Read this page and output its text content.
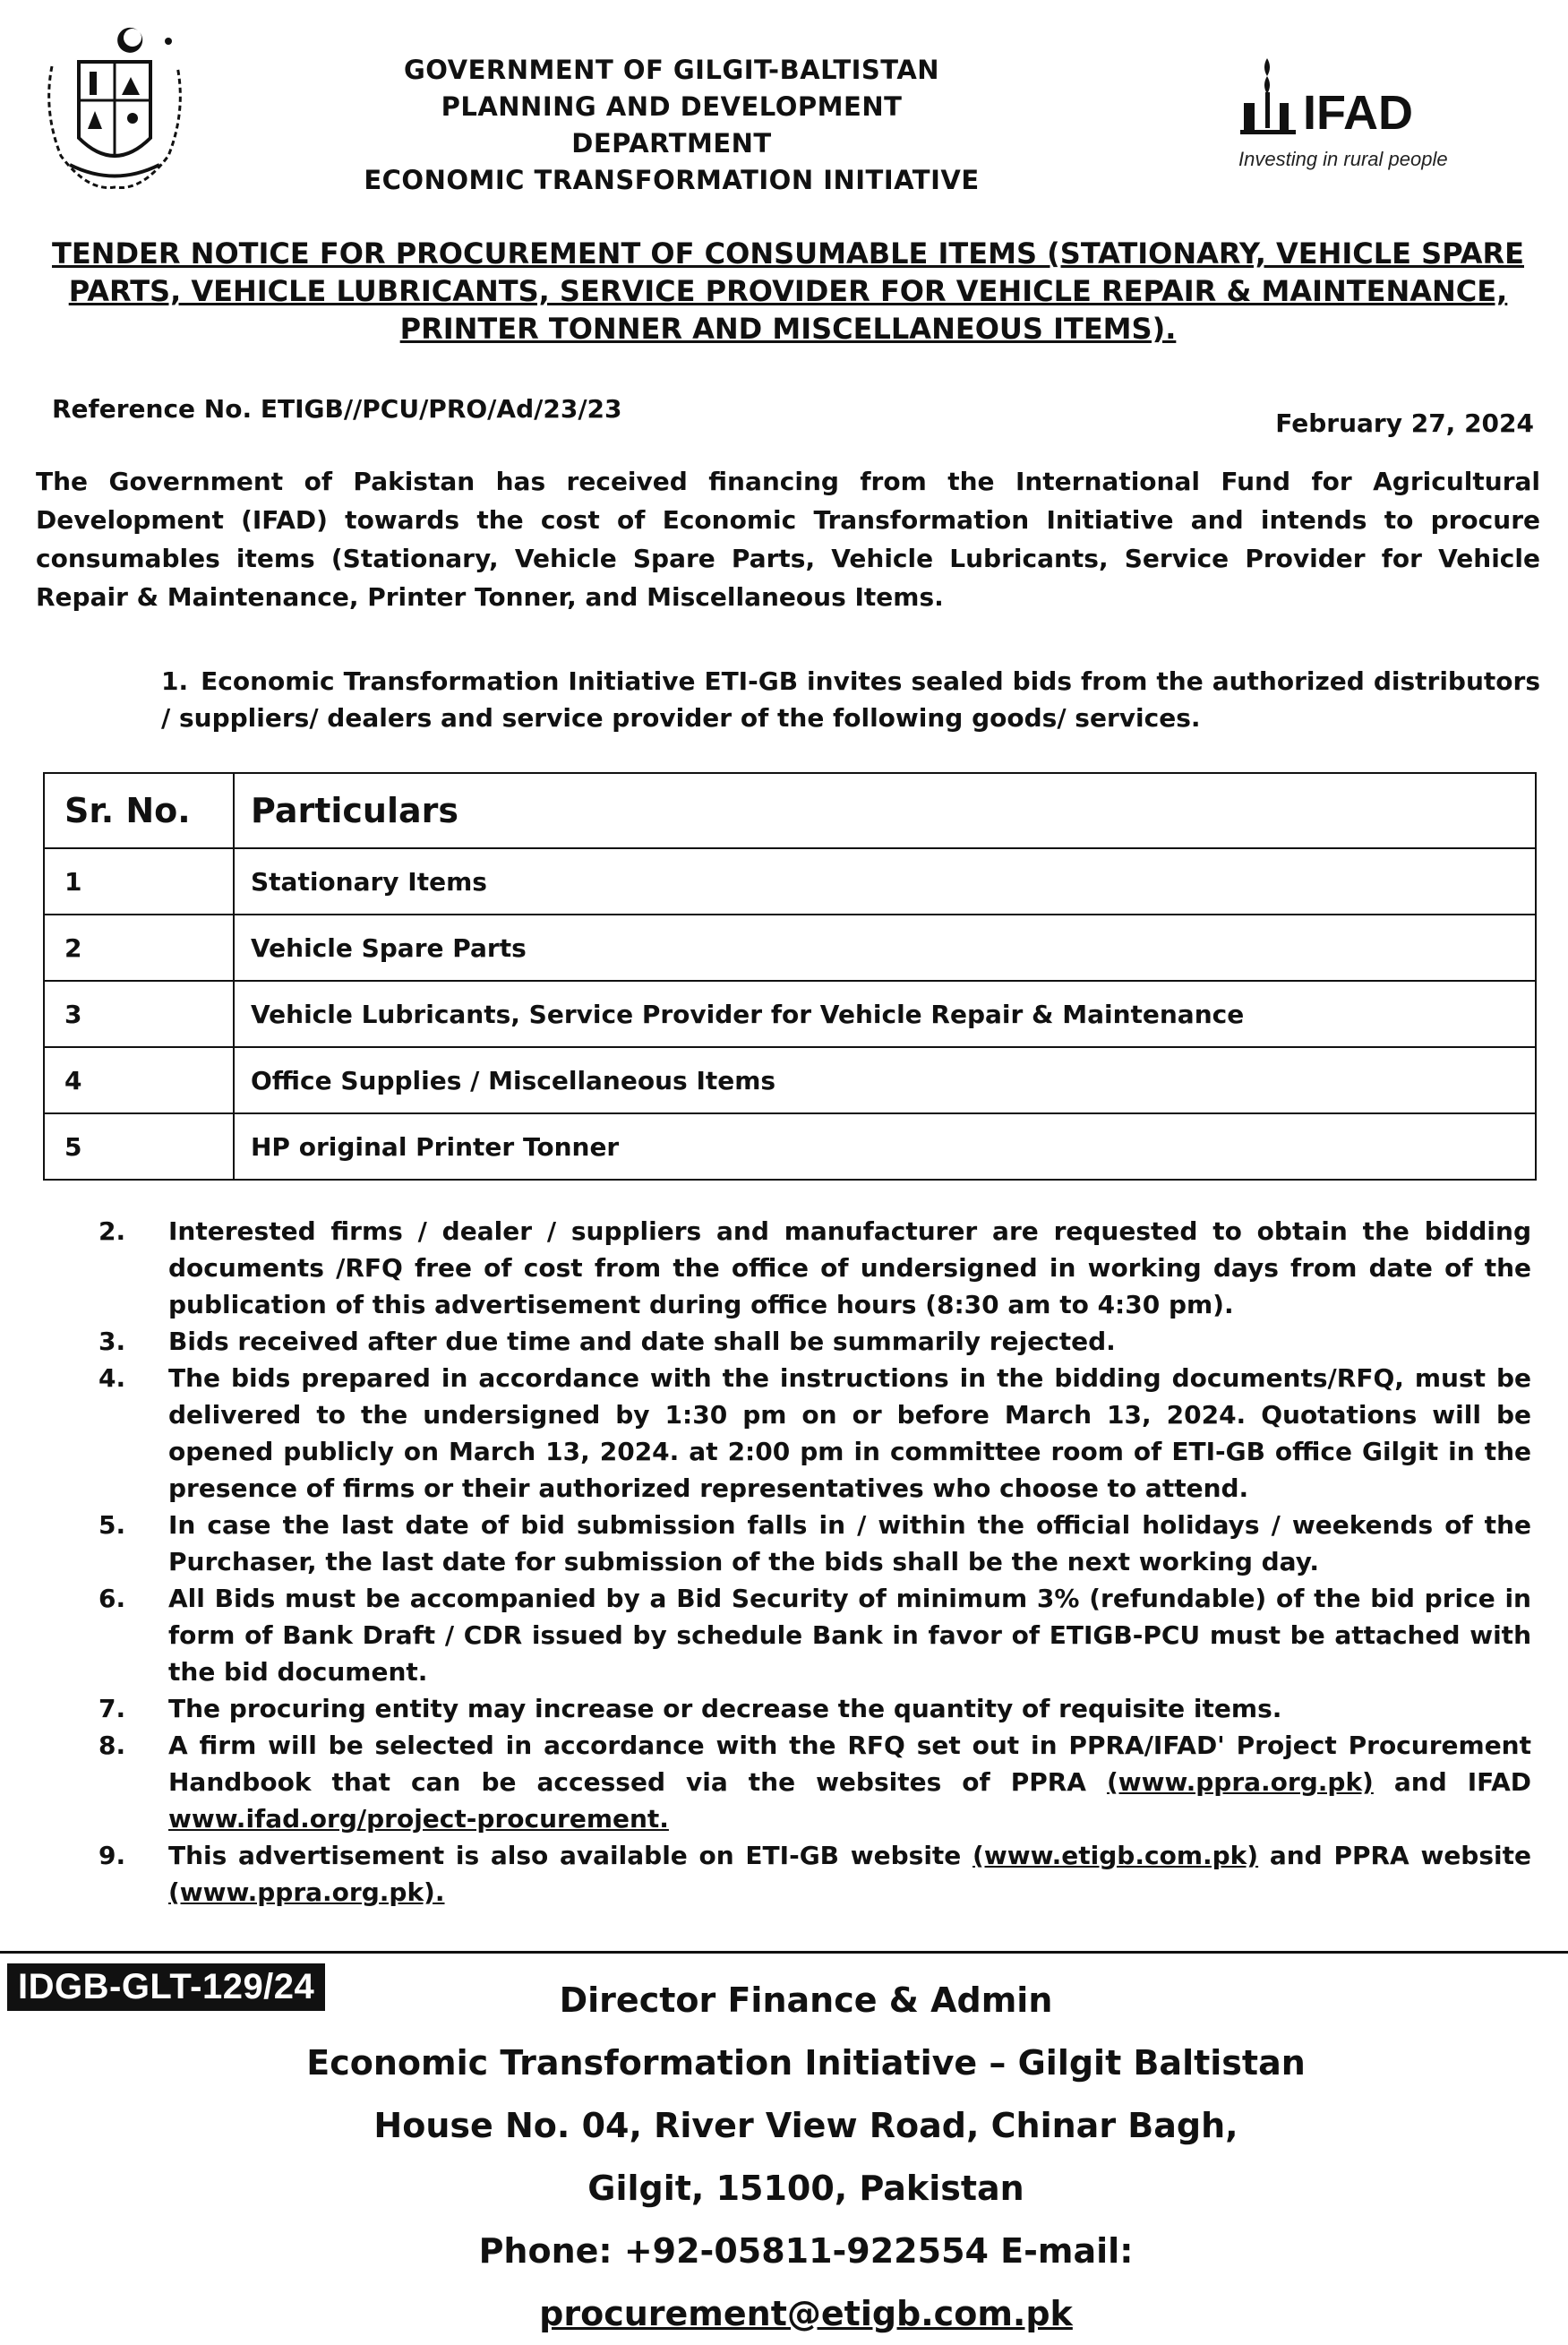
GOVERNMENT OF GILGIT-BALTISTAN
PLANNING AND DEVELOPMENT DEPARTMENT
ECONOMIC TRANSFORMATION INITIATIVE
IFAD
Investing in rural people
TENDER NOTICE FOR PROCUREMENT OF CONSUMABLE ITEMS (STATIONARY, VEHICLE SPARE PARTS, VEHICLE LUBRICANTS, SERVICE PROVIDER FOR VEHICLE REPAIR & MAINTENANCE, PRINTER TONNER AND MISCELLANEOUS ITEMS).
Reference No. ETIGB//PCU/PRO/Ad/23/23	February 27, 2024
The Government of Pakistan has received financing from the International Fund for Agricultural Development (IFAD) towards the cost of Economic Transformation Initiative and intends to procure consumables items (Stationary, Vehicle Spare Parts, Vehicle Lubricants, Service Provider for Vehicle Repair & Maintenance, Printer Tonner, and Miscellaneous Items.
1. Economic Transformation Initiative ETI-GB invites sealed bids from the authorized distributors / suppliers/ dealers and service provider of the following goods/ services.
Sr. No.	Particulars
1	Stationary Items
2	Vehicle Spare Parts
3	Vehicle Lubricants, Service Provider for Vehicle Repair & Maintenance
4	Office Supplies / Miscellaneous Items
5	HP original Printer Tonner
2.	Interested firms / dealer / suppliers and manufacturer are requested to obtain the bidding documents /RFQ free of cost from the office of undersigned in working days from date of the publication of this advertisement during office hours (8:30 am to 4:30 pm).
3.	Bids received after due time and date shall be summarily rejected.
4.	The bids prepared in accordance with the instructions in the bidding documents/RFQ, must be delivered to the undersigned by 1:30 pm on or before March 13, 2024. Quotations will be opened publicly on March 13, 2024. at 2:00 pm in committee room of ETI-GB office Gilgit in the presence of firms or their authorized representatives who choose to attend.
5.	In case the last date of bid submission falls in / within the official holidays / weekends of the Purchaser, the last date for submission of the bids shall be the next working day.
6.	All Bids must be accompanied by a Bid Security of minimum 3% (refundable) of the bid price in form of Bank Draft / CDR issued by schedule Bank in favor of ETIGB-PCU must be attached with the bid document.
7.	The procuring entity may increase or decrease the quantity of requisite items.
8.	A firm will be selected in accordance with the RFQ set out in PPRA/IFAD' Project Procurement Handbook that can be accessed via the websites of PPRA (www.ppra.org.pk) and IFAD www.ifad.org/project-procurement.
9.	This advertisement is also available on ETI-GB website (www.etigb.com.pk) and PPRA website (www.ppra.org.pk).
IDGB-GLT-129/24	Director Finance & Admin
Economic Transformation Initiative – Gilgit Baltistan
House No. 04, River View Road, Chinar Bagh,
Gilgit, 15100, Pakistan
Phone: +92-05811-922554 E-mail: procurement@etigb.com.pk
